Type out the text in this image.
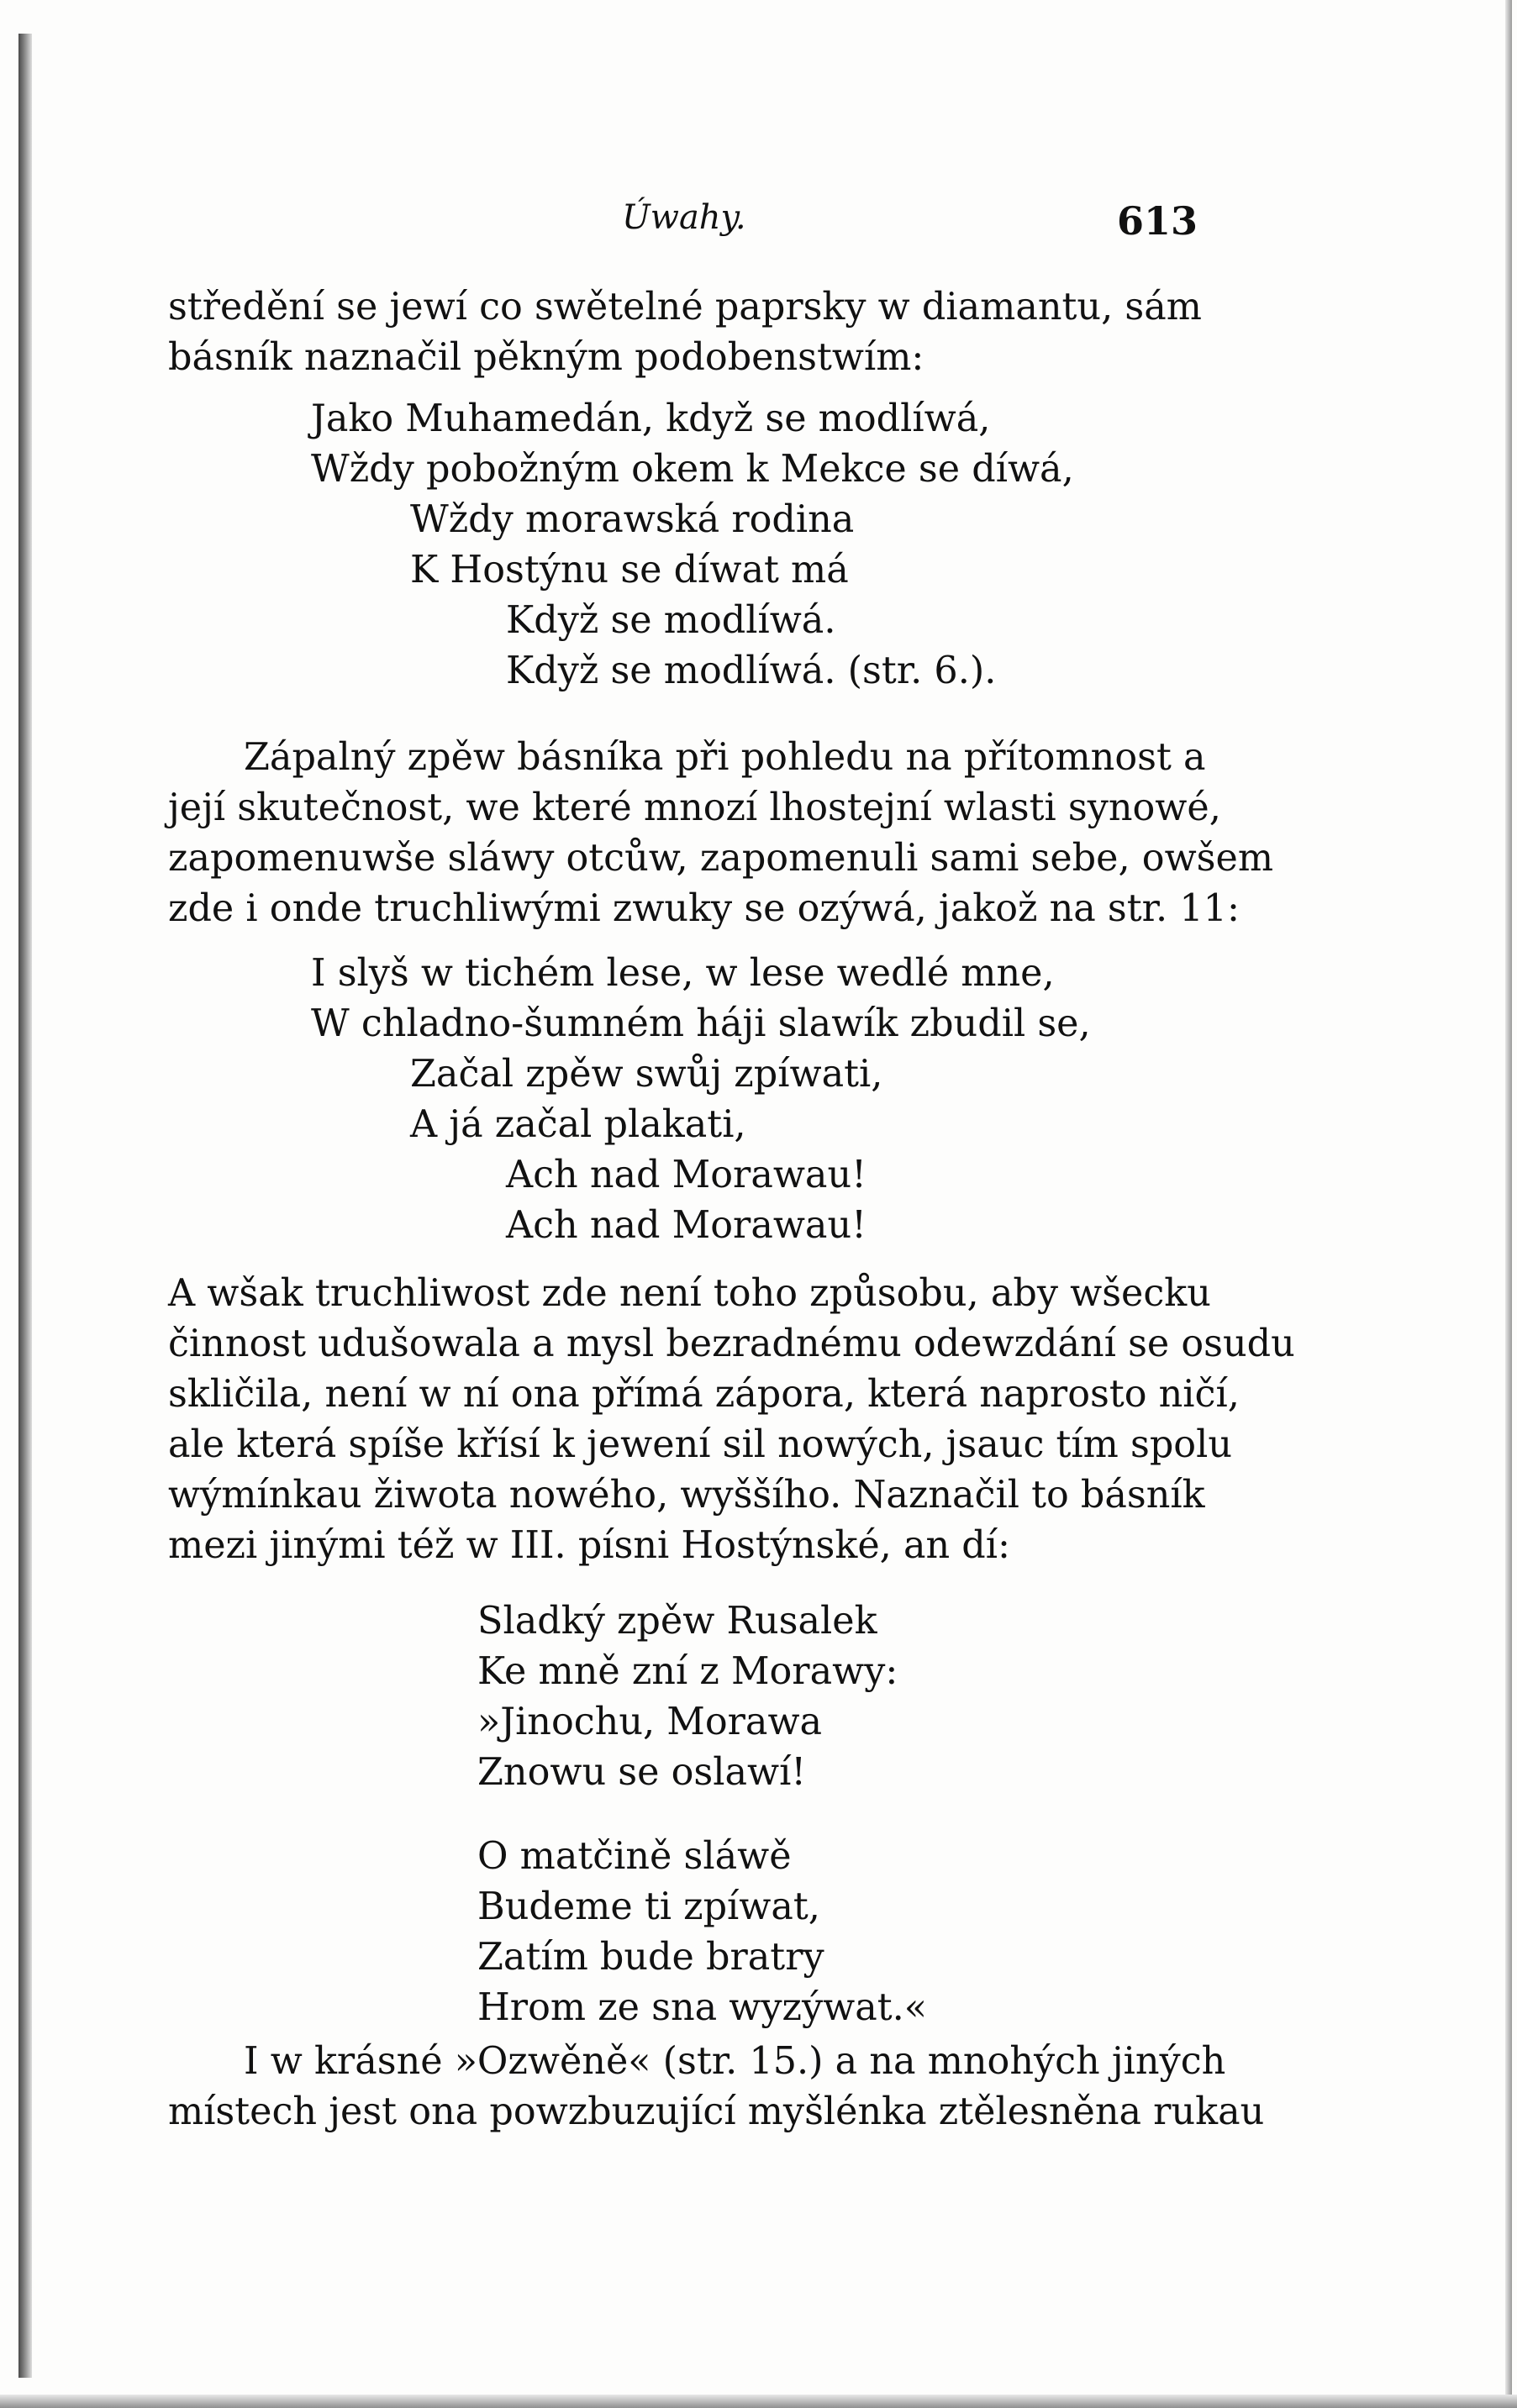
Úwahy.	613
středění se jewí co swětelné paprsky w diamantu, sám
básník naznačil pěkným podobenstwím:
Jako Muhamedán, když se modlíwá,
Wždy pobožným okem k Mekce se díwá,
Wždy morawská rodina
K Hostýnu se díwat má
Když se modlíwá.
Když se modlíwá. (str. 6.).
Zápalný zpěw básníka při pohledu na přítomnost a
její skutečnost, we které mnozí lhostejní wlasti synowé,
zapomenuwše sláwy otcůw, zapomenuli sami sebe, owšem
zde i onde truchliwými zwuky se ozýwá, jakož na str. 11:
I slyš w tichém lese, w lese wedlé mne,
W chladno-šumném háji slawík zbudil se,
Začal zpěw swůj zpíwati,
A já začal plakati,
Ach nad Morawau!
Ach nad Morawau!
A wšak truchliwost zde není toho způsobu, aby wšecku
činnost udušowala a mysl bezradnému odewzdání se osudu
skličila, není w ní ona přímá zápora, která naprosto ničí,
ale která spíše křísí k jewení sil nowých, jsauc tím spolu
wýmínkau žiwota nowého, wyššího. Naznačil to básník
mezi jinými též w III. písni Hostýnské, an dí:
Sladký zpěw Rusalek
Ke mně zní z Morawy:
»Jinochu, Morawa
Znowu se oslawí!
O matčině sláwě
Budeme ti zpíwat,
Zatím bude bratry
Hrom ze sna wyzýwat.«
I w krásné »Ozwěně« (str. 15.) a na mnohých jiných
místech jest ona powzbuzující myšlénka ztělesněna rukau
